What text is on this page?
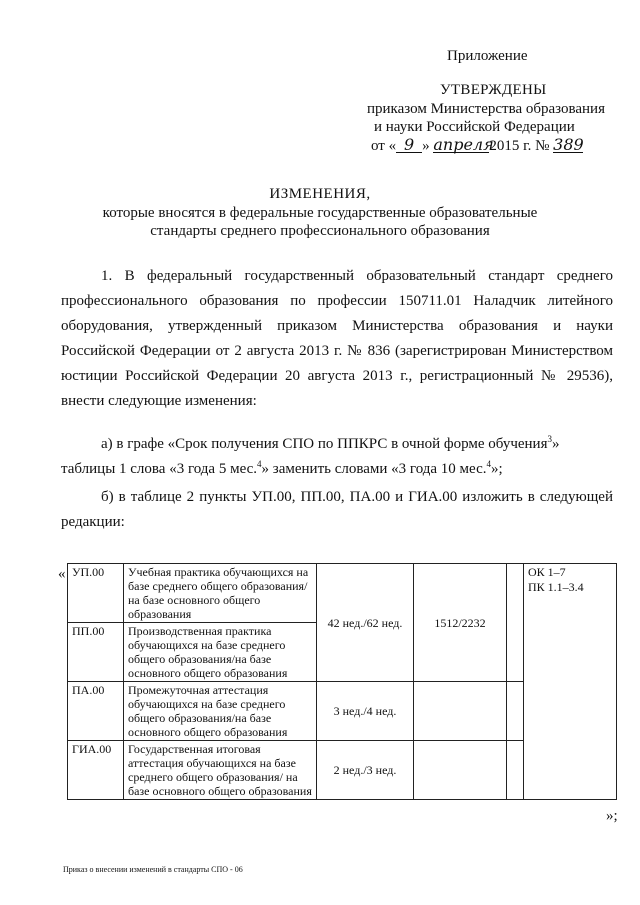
Приложение
УТВЕРЖДЕНЫ
приказом Министерства образования
и науки Российской Федерации
от « 9 » апреля2015 г. № 389
ИЗМЕНЕНИЯ,
которые вносятся в федеральные государственные образовательные
стандарты среднего профессионального образования
1. В федеральный государственный образовательный стандарт среднего
профессионального образования по профессии 150711.01 Наладчик литейного
оборудования, утвержденный приказом Министерства образования и науки
Российской Федерации от 2 августа 2013 г. № 836 (зарегистрирован Министерством
юстиции Российской Федерации 20 августа 2013 г., регистрационный № 29536),
внести следующие изменения:
а) в графе «Срок получения СПО по ППКРС в очной форме обучения$^3$»
таблицы 1 слова «3 года 5 мес.$^4$» заменить словами «3 года 10 мес.$^4$»;
б) в таблице 2 пункты УП.00, ПП.00, ПА.00 и ГИА.00 изложить в следующей
редакции:
« УП.00	Учебная практика обучающихся на базе среднего общего образования/на базе основного общего образования	42 нед./62 нед.	1512/2232		ОК 1–7
ПК 1.1–3.4

ПП.00	Производственная практика обучающихся на базе среднего общего образования/на базе основного общего образования				
ПА.00	Промежуточная аттестация обучающихся на базе среднего общего образования/на базе основного общего образования	3 нед./4 нед.			
ГИА.00	Государственная итоговая аттестация обучающихся на базе среднего общего образования/ на базе основного общего образования	2 нед./3 нед.			
»;
Приказ о внесении изменений в стандарты СПО - 06
